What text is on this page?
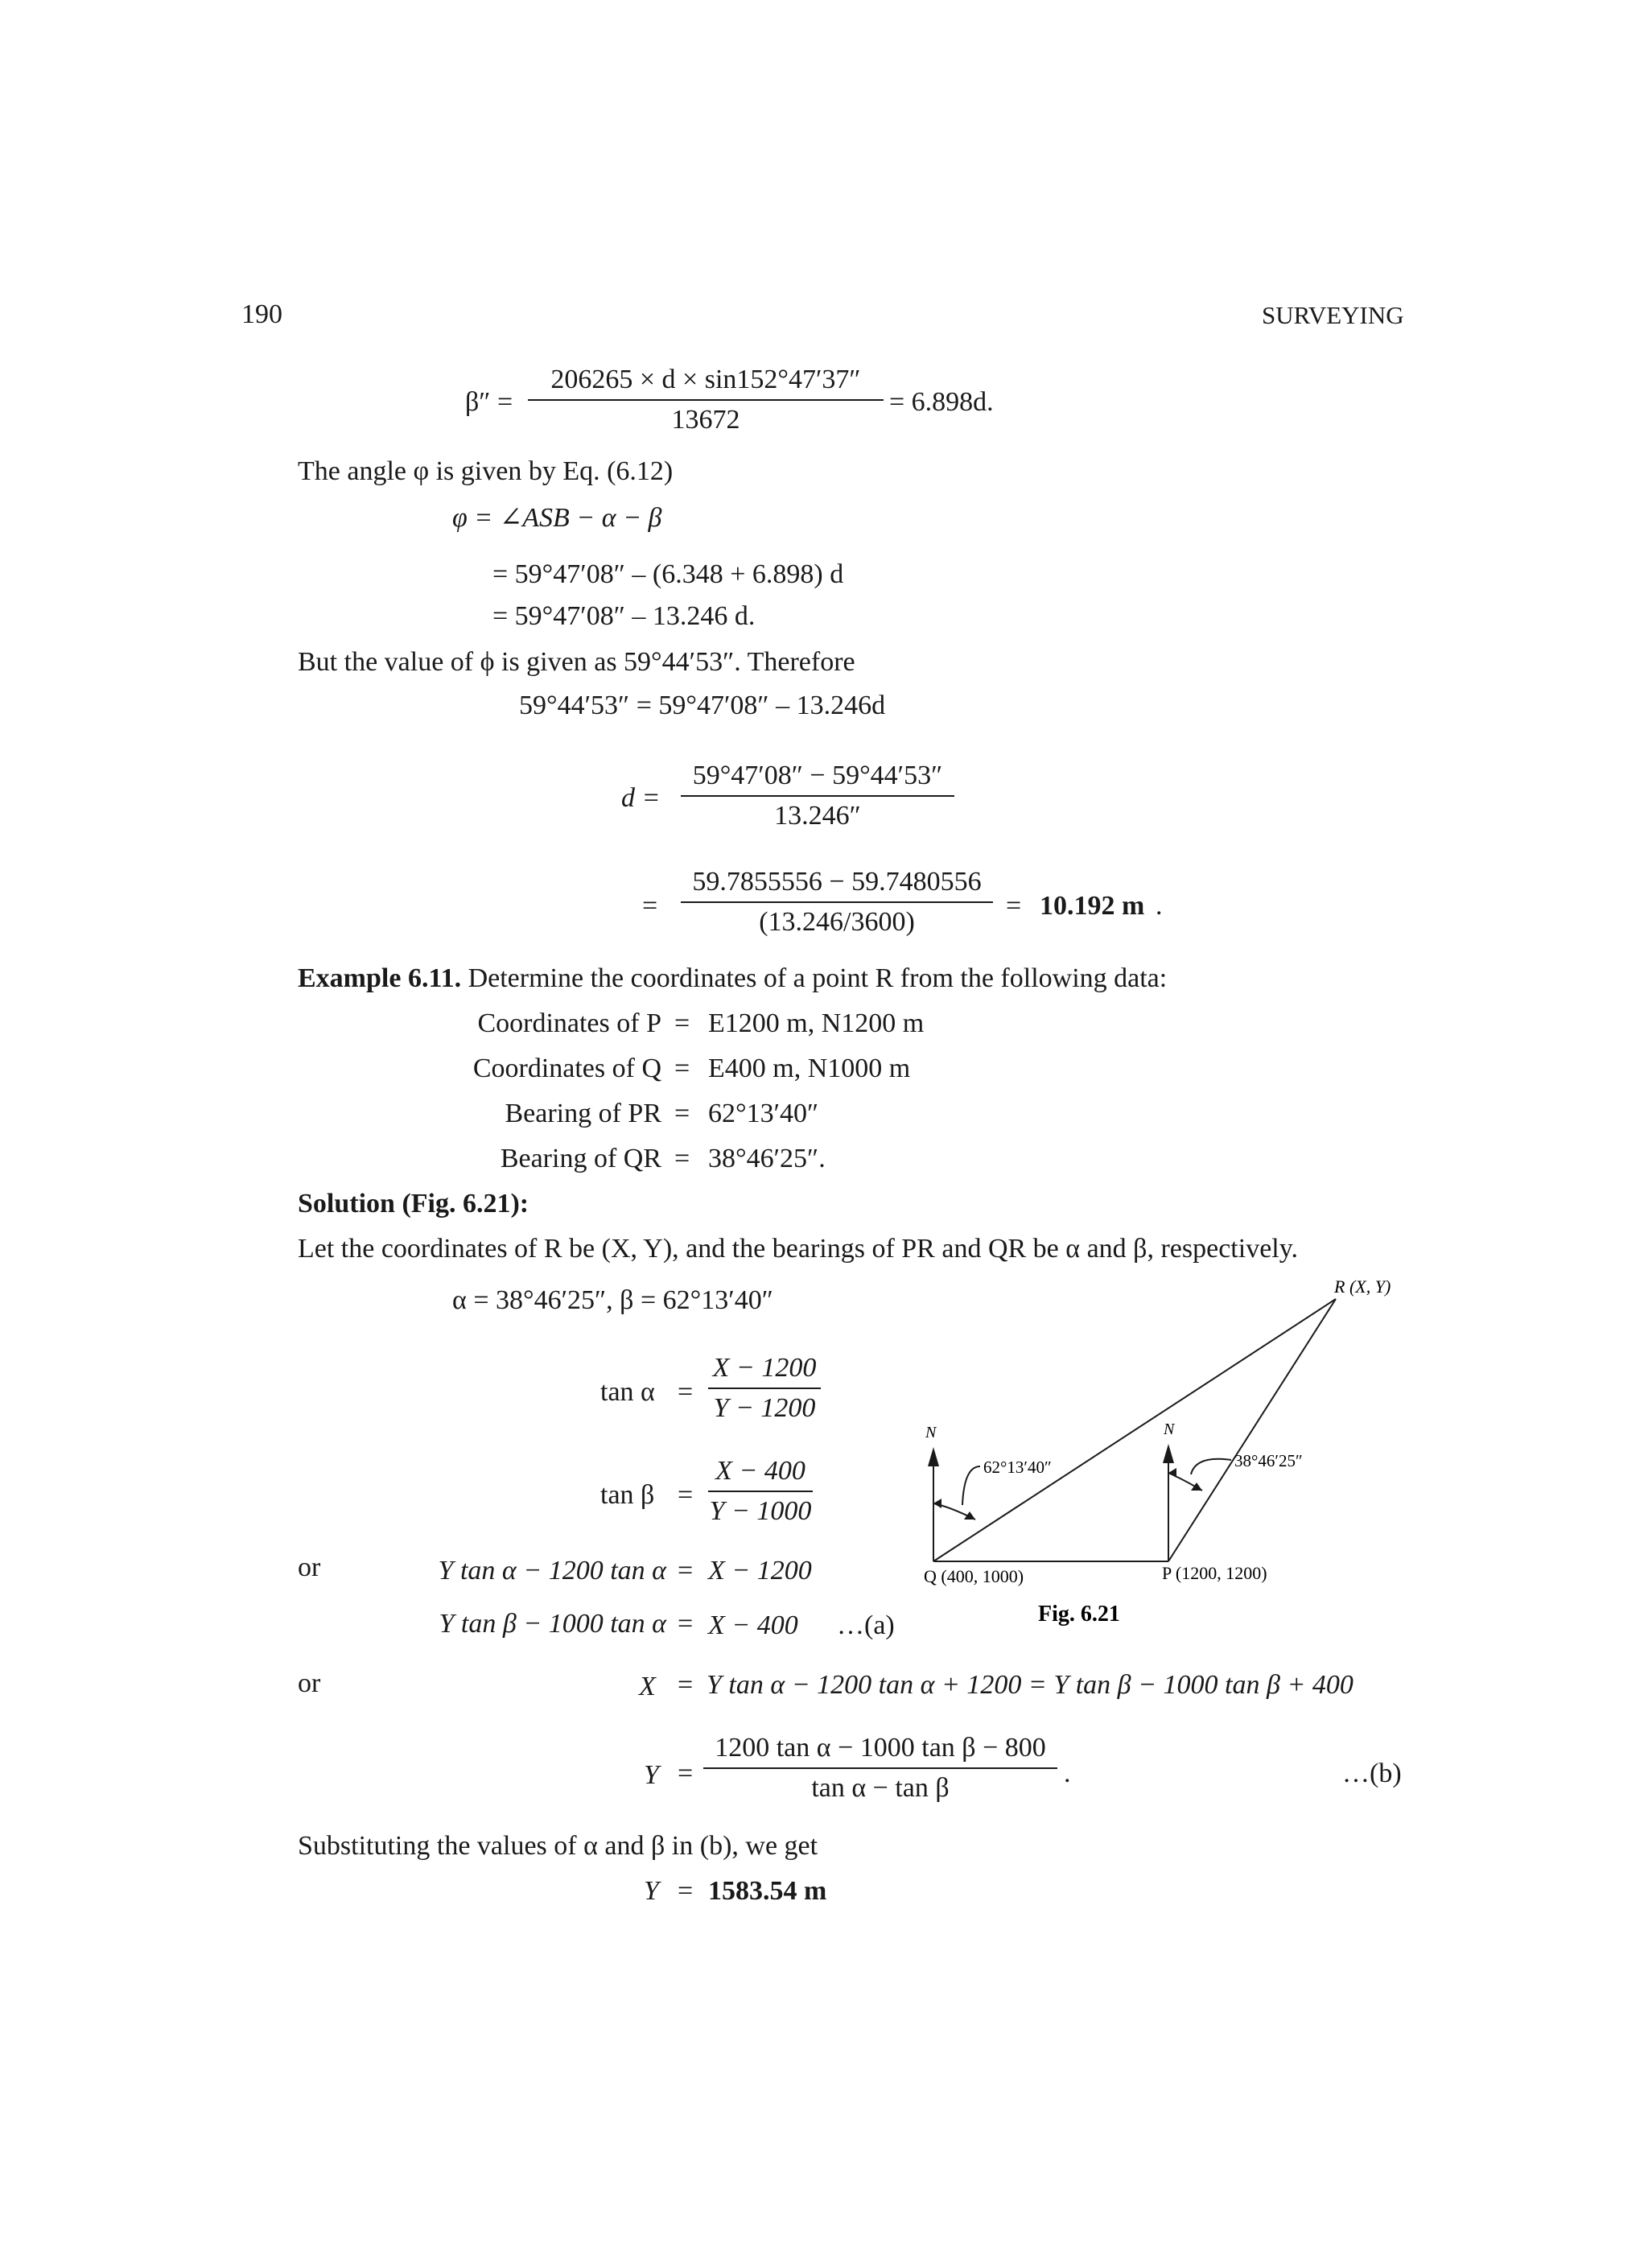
190	SURVEYING
β″ =
206265 × d × sin152°47′37″
13672
= 6.898d.
The angle φ is given by Eq. (6.12)
φ = ∠ASB − α − β
= 59°47′08″ – (6.348 + 6.898) d
= 59°47′08″ – 13.246 d.
But the value of ϕ is given as 59°44′53″. Therefore
59°44′53″ = 59°47′08″ – 13.246d
d =
59°47′08″ − 59°44′53″
13.246″
=
59.7855556 − 59.7480556
(13.246/3600)
= 10.192 m .
Example 6.11. Determine the coordinates of a point R from the following data:
Coordinates of P = E1200 m, N1200 m
Coordinates of Q = E400 m, N1000 m
Bearing of PR = 62°13′40″
Bearing of QR = 38°46′25″.
Solution (Fig. 6.21):
Let the coordinates of R be (X, Y), and the bearings of PR and QR be α and β, respectively.
α = 38°46′25″, β = 62°13′40″
tan α =
X − 1200
Y − 1200
tan β =
X − 400
Y − 1000
or	Y tan α − 1200 tan α = X − 1200
Y tan β − 1000 tan α = X − 400 …(a)
or	X = Y tan α − 1200 tan α + 1200 = Y tan β − 1000 tan β + 400
Y =
1200 tan α − 1000 tan β − 800
tan α − tan β	.	…(b)
Substituting the values of α and β in (b), we get
Y = 1583.54 m
R (X, Y)
Q (400, 1000)	P (1200, 1200)
N	N
62°13′40″	38°46′25″
Fig. 6.21
